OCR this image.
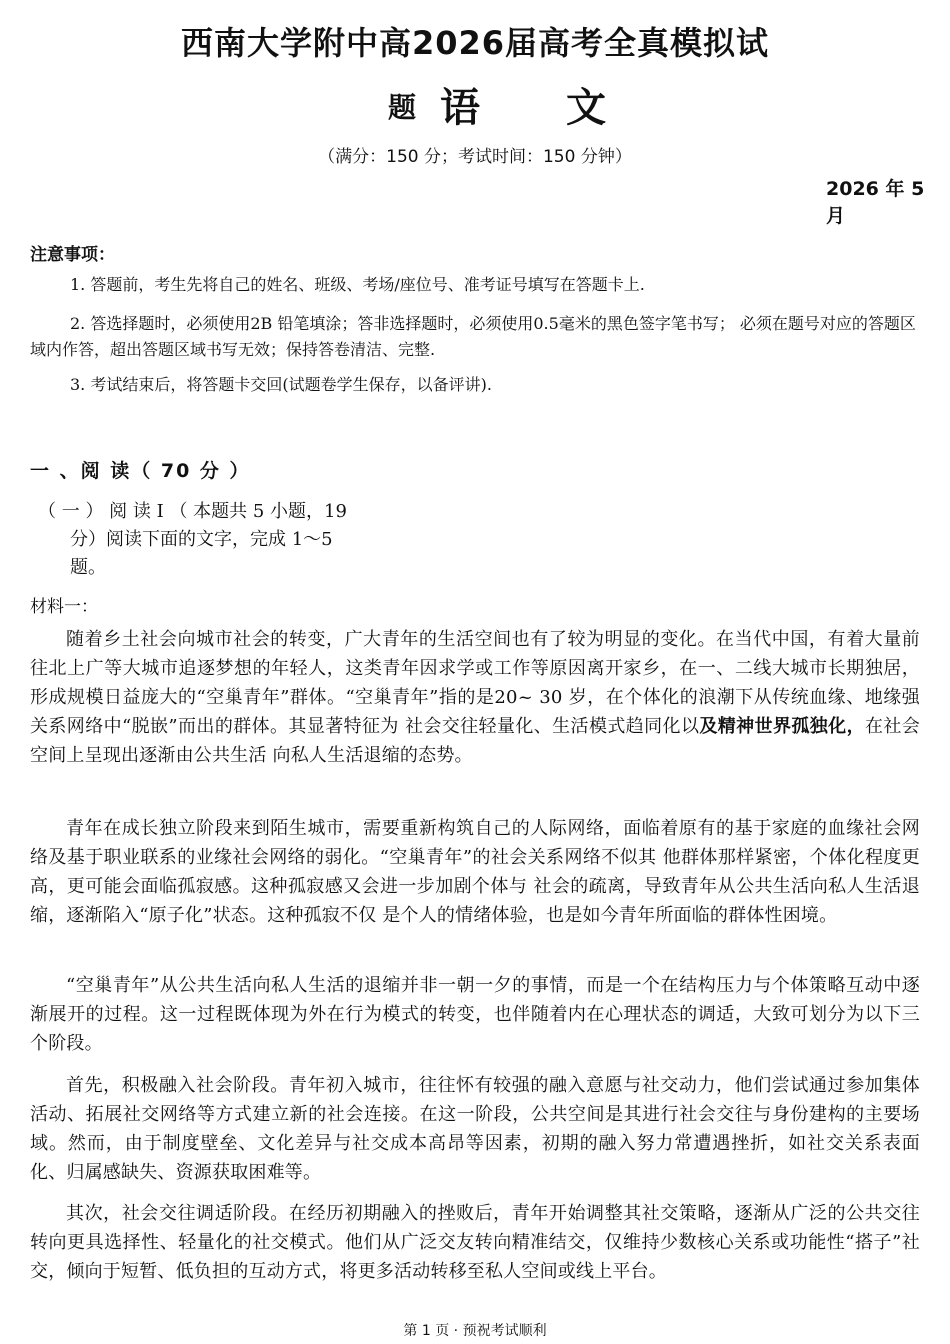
西南大学附中高2026届高考全真模拟试
题 语文
（满分：150 分；考试时间：150 分钟）
2026 年 5 月
注意事项：
1. 答题前，考生先将自己的姓名、班级、考场/座位号、准考证号填写在答题卡上.
2. 答选择题时，必须使用2B 铅笔填涂；答非选择题时，必须使用0.5毫米的黑色签字笔书写； 必须在题号对应的答题区域内作答，超出答题区域书写无效；保持答卷清洁、完整.
3. 考试结束后，将答题卡交回(试题卷学生保存，以备评讲).
一 、阅 读（ 70 分 ）
（ 一 ） 阅 读 I （ 本题共 5 小题，19
分）阅读下面的文字，完成 1～5
题。
材料一：
随着乡土社会向城市社会的转变，广大青年的生活空间也有了较为明显的变化。在当代中国，有着大量前往北上广等大城市追逐梦想的年轻人，这类青年因求学或工作等原因离开家乡，在一、二线大城市长期独居，形成规模日益庞大的“空巢青年”群体。“空巢青年”指的是20~ 30 岁，在个体化的浪潮下从传统血缘、地缘强关系网络中“脱嵌”而出的群体。其显著特征为 社会交往轻量化、生活模式趋同化以及精神世界孤独化，在社会空间上呈现出逐渐由公共生活 向私人生活退缩的态势。
青年在成长独立阶段来到陌生城市，需要重新构筑自己的人际网络，面临着原有的基于家庭的血缘社会网络及基于职业联系的业缘社会网络的弱化。“空巢青年”的社会关系网络不似其 他群体那样紧密，个体化程度更高，更可能会面临孤寂感。这种孤寂感又会进一步加剧个体与 社会的疏离，导致青年从公共生活向私人生活退缩，逐渐陷入“原子化”状态。这种孤寂不仅 是个人的情绪体验，也是如今青年所面临的群体性困境。
“空巢青年”从公共生活向私人生活的退缩并非一朝一夕的事情，而是一个在结构压力与个体策略互动中逐渐展开的过程。这一过程既体现为外在行为模式的转变，也伴随着内在心理状态的调适，大致可划分为以下三个阶段。
首先，积极融入社会阶段。青年初入城市，往往怀有较强的融入意愿与社交动力，他们尝试通过参加集体活动、拓展社交网络等方式建立新的社会连接。在这一阶段，公共空间是其进行社会交往与身份建构的主要场域。然而，由于制度壁垒、文化差异与社交成本高昂等因素，初期的融入努力常遭遇挫折，如社交关系表面化、归属感缺失、资源获取困难等。
其次，社会交往调适阶段。在经历初期融入的挫败后，青年开始调整其社交策略，逐渐从广泛的公共交往转向更具选择性、轻量化的社交模式。他们从广泛交友转向精准结交，仅维持少数核心关系或功能性“搭子”社交，倾向于短暂、低负担的互动方式，将更多活动转移至私人空间或线上平台。
第 1 页 · 预祝考试顺利
